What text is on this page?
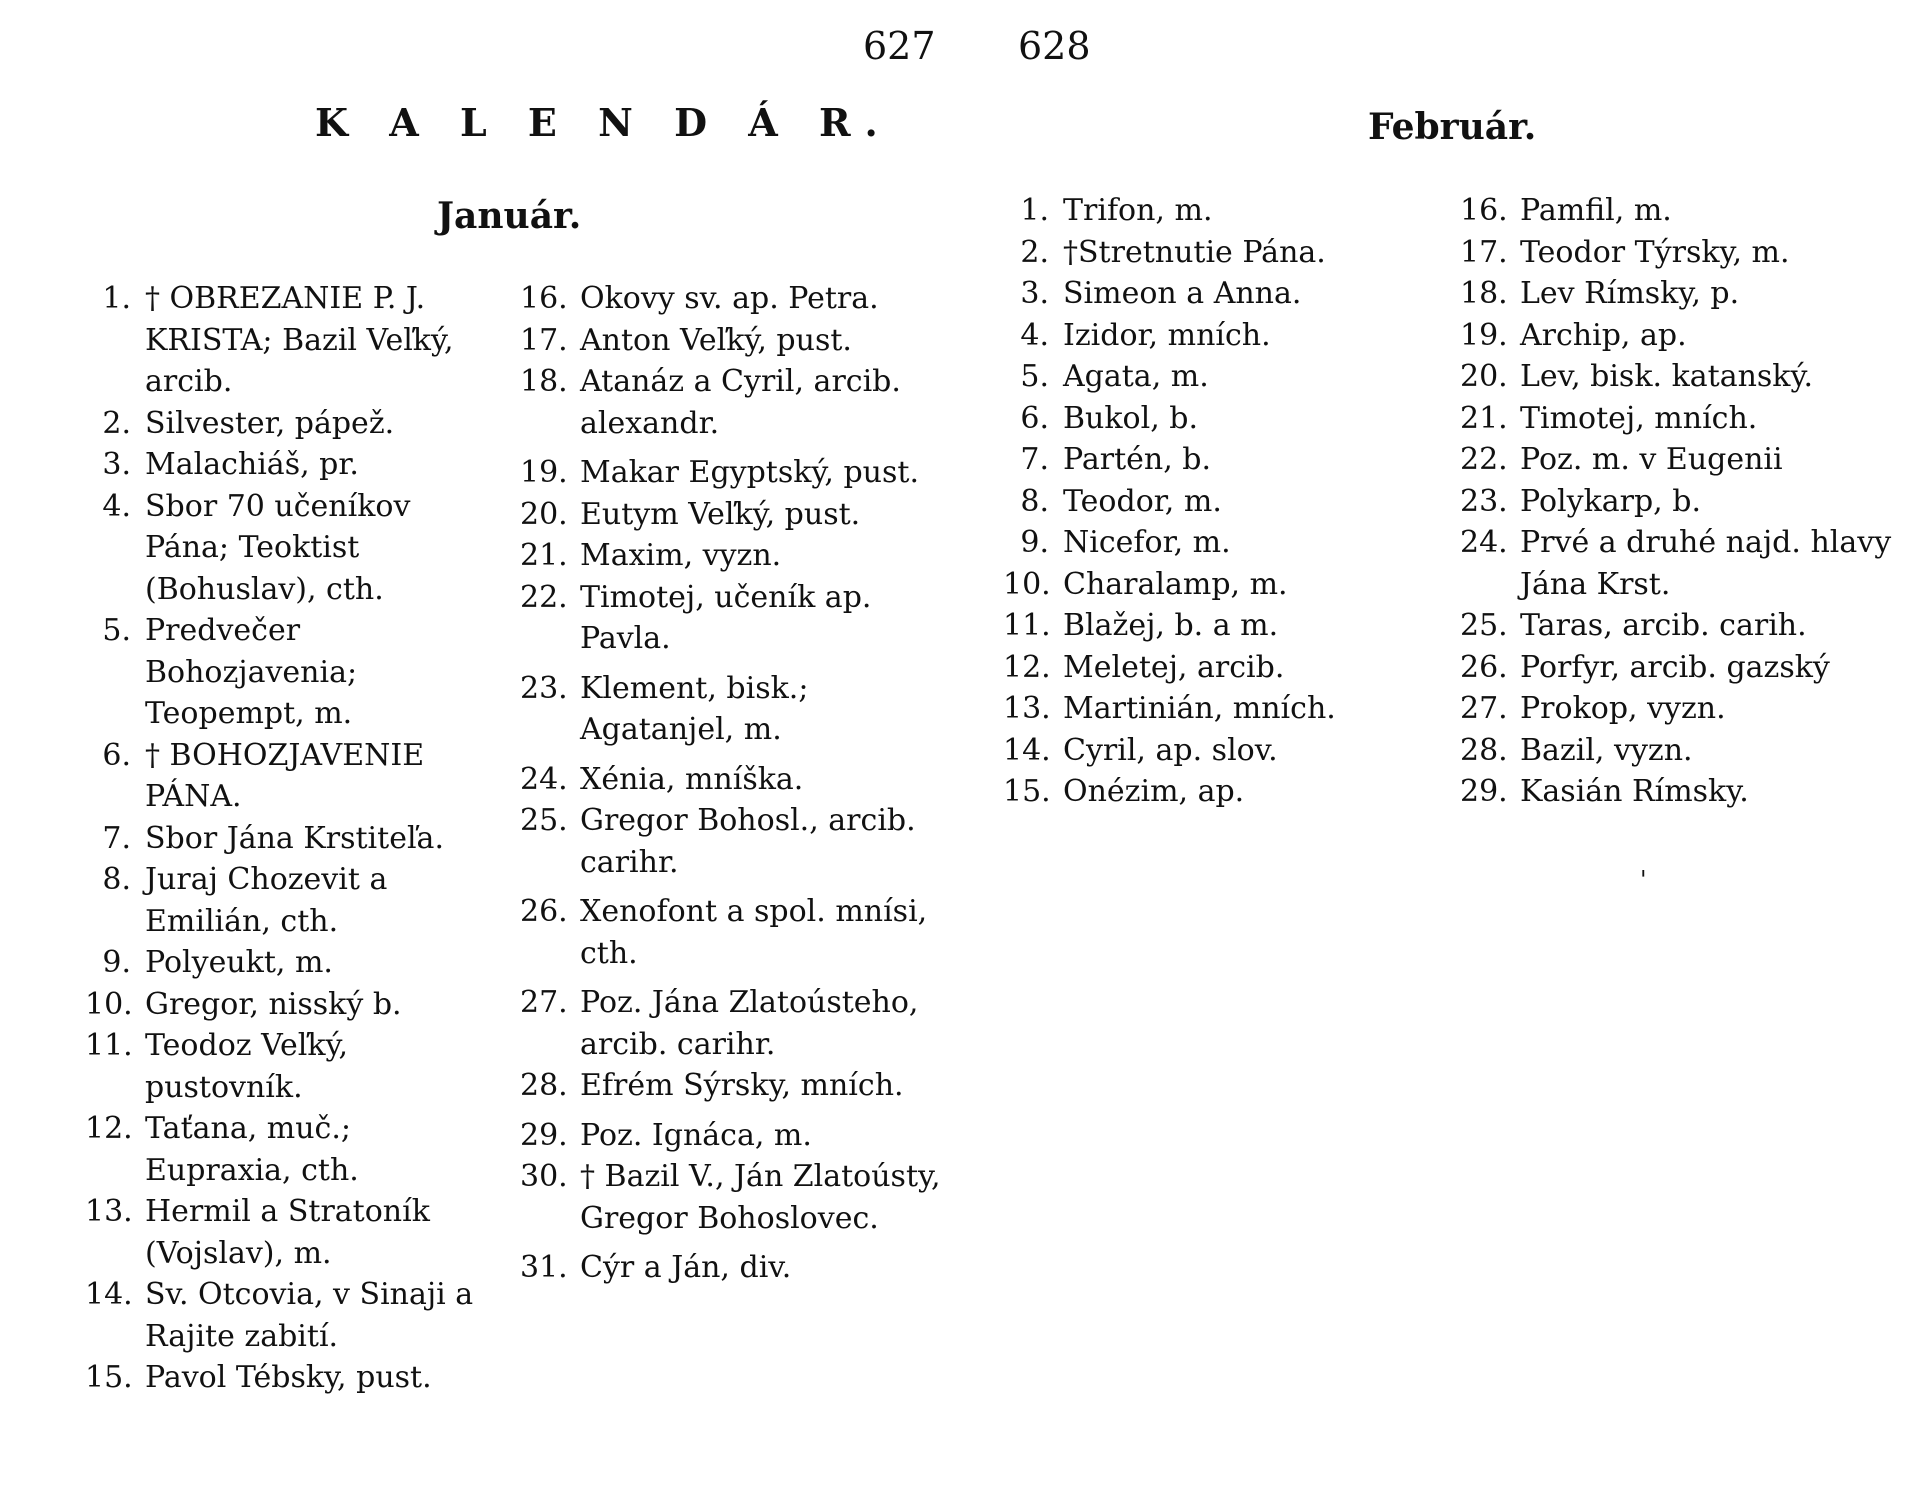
627 628
K A L E N D Á R.
Január.
Február.
1. † OBREZANIE P. J. KRISTA; Bazil Veľký, arcib.
2. Silvester, pápež.
3. Malachiáš, pr.
4. Sbor 70 učeníkov Pána; Teoktist (Bohuslav), cth.
5. Predvečer Bohozjavenia; Teopempt, m.
6. † BOHOZJAVENIE PÁNA.
7. Sbor Jána Krstiteľa.
8. Juraj Chozevit a Emilián, cth.
9. Polyeukt, m.
10. Gregor, nisský b.
11. Teodoz Veľký, pustovník.
12. Taťana, muč.; Eupraxia, cth.
13. Hermil a Stratoník (Vojslav), m.
14. Sv. Otcovia, v Sinaji a Rajite zabití.
15. Pavol Tébsky, pust.
16. Okovy sv. ap. Petra.
17. Anton Veľký, pust.
18. Atanáz a Cyril, arcib. alexandr.
19. Makar Egyptský, pust.
20. Eutym Veľký, pust.
21. Maxim, vyzn.
22. Timotej, učeník ap. Pavla.
23. Klement, bisk.; Agatanjel, m.
24. Xénia, mníška.
25. Gregor Bohosl., arcib. carihr.
26. Xenofont a spol. mnísi, cth.
27. Poz. Jána Zlatoústeho, arcib. carihr.
28. Efrém Sýrsky, mních.
29. Poz. Ignáca, m.
30. † Bazil V., Ján Zlatoústy, Gregor Bohoslovec.
31. Cýr a Ján, div.
1. Trifon, m.
2. †Stretnutie Pána.
3. Simeon a Anna.
4. Izidor, mních.
5. Agata, m.
6. Bukol, b.
7. Partén, b.
8. Teodor, m.
9. Nicefor, m.
10. Charalamp, m.
11. Blažej, b. a m.
12. Meletej, arcib.
13. Martinián, mních.
14. Cyril, ap. slov.
15. Onézim, ap.
16. Pamfil, m.
17. Teodor Týrsky, m.
18. Lev Rímsky, p.
19. Archip, ap.
20. Lev, bisk. katanský.
21. Timotej, mních.
22. Poz. m. v Eugenii
23. Polykarp, b.
24. Prvé a druhé najd. hlavy Jána Krst.
25. Taras, arcib. carih.
26. Porfyr, arcib. gazský
27. Prokop, vyzn.
28. Bazil, vyzn.
29. Kasián Rímsky.
'
